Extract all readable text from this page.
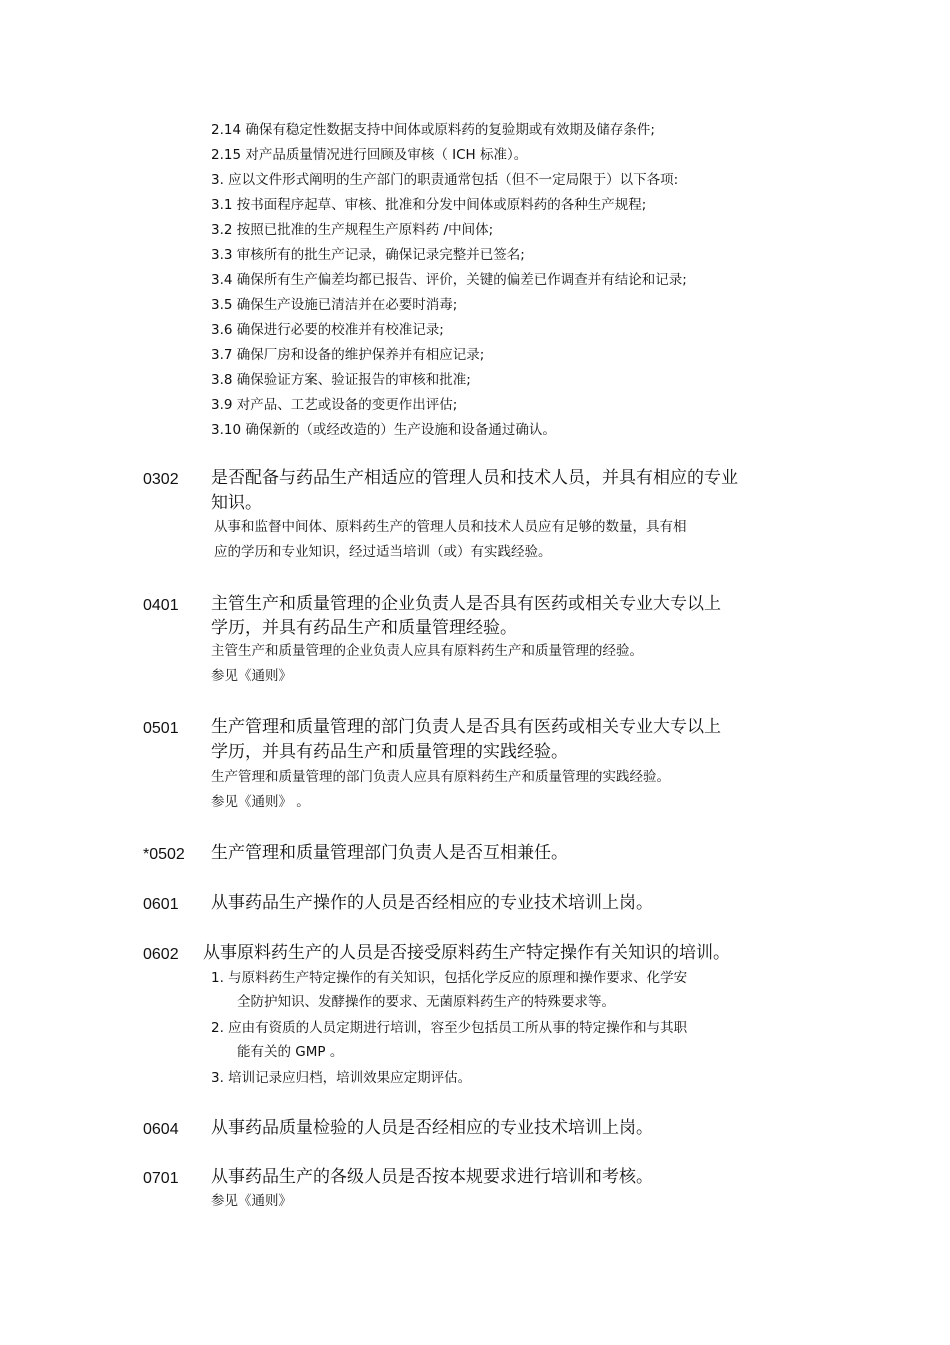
2.14 确保有稳定性数据支持中间体或原料药的复验期或有效期及储存条件;
2.15 对产品质量情况进行回顾及审核（ ICH 标准）。
3. 应以文件形式阐明的生产部门的职责通常包括（但不一定局限于）以下各项:
3.1 按书面程序起草、审核、批准和分发中间体或原料药的各种生产规程;
3.2 按照已批准的生产规程生产原料药 /中间体;
3.3 审核所有的批生产记录，确保记录完整并已签名;
3.4 确保所有生产偏差均都已报告、评价，关键的偏差已作调查并有结论和记录;
3.5 确保生产设施已清洁并在必要时消毒;
3.6 确保进行必要的校准并有校准记录;
3.7 确保厂房和设备的维护保养并有相应记录;
3.8 确保验证方案、验证报告的审核和批准;
3.9 对产品、工艺或设备的变更作出评估;
3.10 确保新的（或经改造的）生产设施和设备通过确认。
0302 是否配备与药品生产相适应的管理人员和技术人员，并具有相应的专业
知识。
从事和监督中间体、原料药生产的管理人员和技术人员应有足够的数量，具有相
应的学历和专业知识，经过适当培训（或）有实践经验。
0401 主管生产和质量管理的企业负责人是否具有医药或相关专业大专以上
学历，并具有药品生产和质量管理经验。
主管生产和质量管理的企业负责人应具有原料药生产和质量管理的经验。
参见《通则》
0501 生产管理和质量管理的部门负责人是否具有医药或相关专业大专以上
学历，并具有药品生产和质量管理的实践经验。
生产管理和质量管理的部门负责人应具有原料药生产和质量管理的实践经验。
参见《通则》 。
*0502 生产管理和质量管理部门负责人是否互相兼任。
0601 从事药品生产操作的人员是否经相应的专业技术培训上岗。
0602 从事原料药生产的人员是否接受原料药生产特定操作有关知识的培训。
1. 与原料药生产特定操作的有关知识，包括化学反应的原理和操作要求、化学安
全防护知识、发酵操作的要求、无菌原料药生产的特殊要求等。
2. 应由有资质的人员定期进行培训，容至少包括员工所从事的特定操作和与其职
能有关的 GMP 。
3. 培训记录应归档，培训效果应定期评估。
0604 从事药品质量检验的人员是否经相应的专业技术培训上岗。
0701 从事药品生产的各级人员是否按本规要求进行培训和考核。
参见《通则》
